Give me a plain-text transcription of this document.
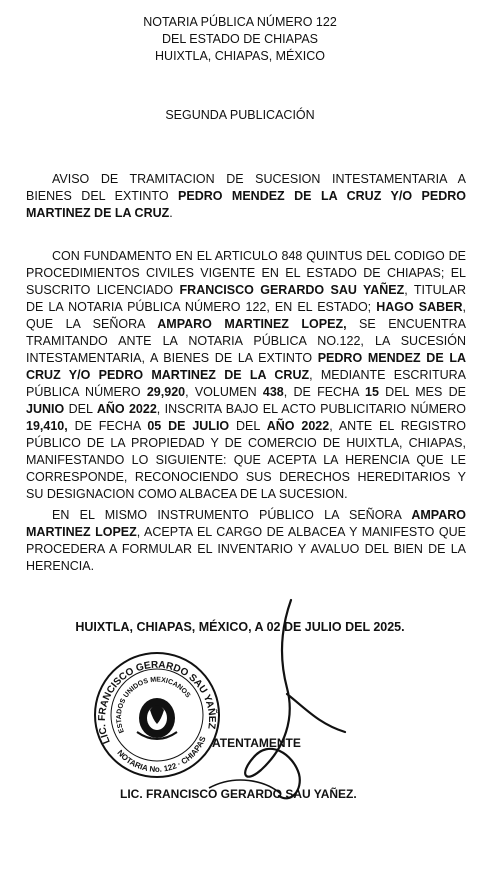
NOTARIA PÚBLICA NÚMERO 122
DEL ESTADO DE CHIAPAS
HUIXTLA, CHIAPAS, MÉXICO
SEGUNDA PUBLICACIÓN

AVISO DE TRAMITACION DE SUCESION INTESTAMENTARIA A BIENES DEL EXTINTO PEDRO MENDEZ DE LA CRUZ Y/O PEDRO MARTINEZ DE LA CRUZ.

CON FUNDAMENTO EN EL ARTICULO 848 QUINTUS DEL CODIGO DE PROCEDIMIENTOS CIVILES VIGENTE EN EL ESTADO DE CHIAPAS; EL SUSCRITO LICENCIADO FRANCISCO GERARDO SAU YAÑEZ, TITULAR DE LA NOTARIA PÚBLICA NÚMERO 122, EN EL ESTADO; HAGO SABER, QUE LA SEÑORA AMPARO MARTINEZ LOPEZ, SE ENCUENTRA TRAMITANDO ANTE LA NOTARIA PÚBLICA NO.122, LA SUCESIÓN INTESTAMENTARIA, A BIENES DE LA EXTINTO PEDRO MENDEZ DE LA CRUZ Y/O PEDRO MARTINEZ DE LA CRUZ, MEDIANTE ESCRITURA PÚBLICA NÚMERO 29,920, VOLUMEN 438, DE FECHA 15 DEL MES DE JUNIO DEL AÑO 2022, INSCRITA BAJO EL ACTO PUBLICITARIO NÚMERO 19,410, DE FECHA 05 DE JULIO DEL AÑO 2022, ANTE EL REGISTRO PÚBLICO DE LA PROPIEDAD Y DE COMERCIO DE HUIXTLA, CHIAPAS, MANIFESTANDO LO SIGUIENTE: QUE ACEPTA LA HERENCIA QUE LE CORRESPONDE, RECONOCIENDO SUS DERECHOS HEREDITARIOS Y SU DESIGNACION COMO ALBACEA DE LA SUCESION.

EN EL MISMO INSTRUMENTO PÚBLICO LA SEÑORA AMPARO MARTINEZ LOPEZ, ACEPTA EL CARGO DE ALBACEA Y MANIFESTO QUE PROCEDERA A FORMULAR EL INVENTARIO Y AVALUO DEL BIEN DE LA HERENCIA.

HUIXTLA, CHIAPAS, MÉXICO, A 02 DE JULIO DEL 2025.
LIC. FRANCISCO GERARDO SAU YAÑEZ
ESTADOS UNIDOS MEXICANOS
NOTARIA No. 122 · CHIAPAS ATENTAMENTE
LIC. FRANCISCO GERARDO SAU YAÑEZ.
